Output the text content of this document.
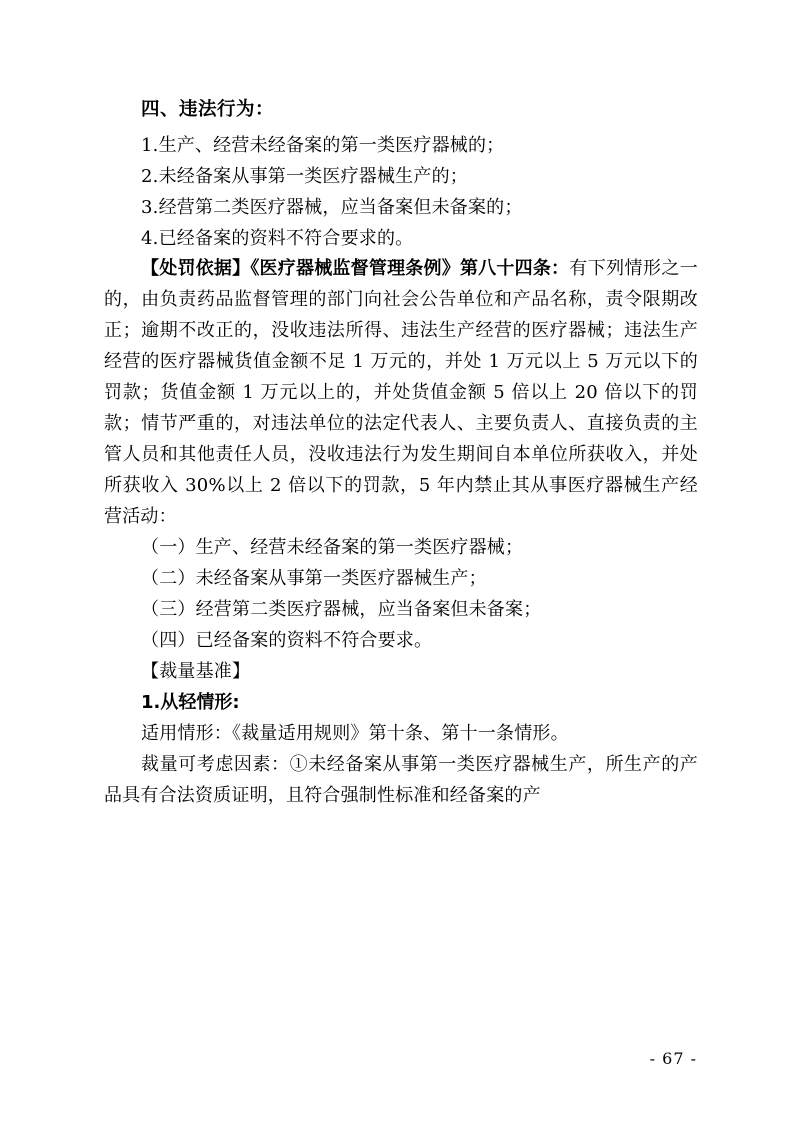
四、违法行为：
1.生产、经营未经备案的第一类医疗器械的；
2.未经备案从事第一类医疗器械生产的；
3.经营第二类医疗器械，应当备案但未备案的；
4.已经备案的资料不符合要求的。
【处罚依据】《医疗器械监督管理条例》第八十四条：有下列情形之一的，由负责药品监督管理的部门向社会公告单位和产品名称，责令限期改正；逾期不改正的，没收违法所得、违法生产经营的医疗器械；违法生产经营的医疗器械货值金额不足 1 万元的，并处 1 万元以上 5 万元以下的罚款；货值金额 1 万元以上的，并处货值金额 5 倍以上 20 倍以下的罚款；情节严重的，对违法单位的法定代表人、主要负责人、直接负责的主管人员和其他责任人员，没收违法行为发生期间自本单位所获收入，并处所获收入 30%以上 2 倍以下的罚款，5 年内禁止其从事医疗器械生产经营活动：
（一）生产、经营未经备案的第一类医疗器械；
（二）未经备案从事第一类医疗器械生产；
（三）经营第二类医疗器械，应当备案但未备案；
（四）已经备案的资料不符合要求。
【裁量基准】
1.从轻情形:
适用情形：《裁量适用规则》第十条、第十一条情形。
裁量可考虑因素：①未经备案从事第一类医疗器械生产，所生产的产品具有合法资质证明，且符合强制性标准和经备案的产
- 67 -
